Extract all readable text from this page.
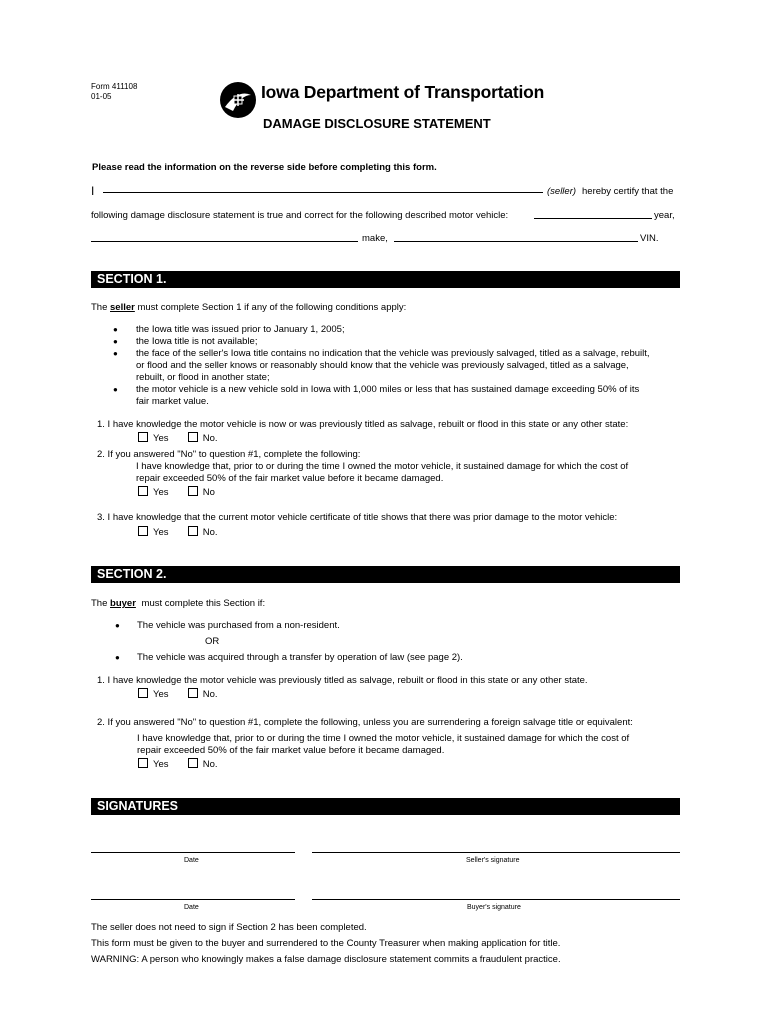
Form 411108
01-05	Iowa Department of Transportation
DAMAGE DISCLOSURE STATEMENT
Please read the information on the reverse side before completing this form.
I	(seller) hereby certify that the
following damage disclosure statement is true and correct for the following described motor vehicle:	year,
make,	VIN.
SECTION 1.
The seller must complete Section 1 if any of the following conditions apply:
● the Iowa title was issued prior to January 1, 2005;
● the Iowa title is not available;
● the face of the seller's Iowa title contains no indication that the vehicle was previously salvaged, titled as a salvage, rebuilt,
or flood and the seller knows or reasonably should know that the vehicle was previously salvaged, titled as a salvage,
rebuilt, or flood in another state;
● the motor vehicle is a new vehicle sold in Iowa with 1,000 miles or less that has sustained damage exceeding 50% of its
fair market value.
1. I have knowledge the motor vehicle is now or was previously titled as salvage, rebuilt or flood in this state or any other state:
Yes	No.
2. If you answered "No" to question #1, complete the following:
I have knowledge that, prior to or during the time I owned the motor vehicle, it sustained damage for which the cost of
repair exceeded 50% of the fair market value before it became damaged.
Yes	No
3. I have knowledge that the current motor vehicle certificate of title shows that there was prior damage to the motor vehicle:
Yes	No.
SECTION 2.
The buyer must complete this Section if:
● The vehicle was purchased from a non-resident.
OR
● The vehicle was acquired through a transfer by operation of law (see page 2).
1. I have knowledge the motor vehicle was previously titled as salvage, rebuilt or flood in this state or any other state.
Yes	No.
2. If you answered "No" to question #1, complete the following, unless you are surrendering a foreign salvage title or equivalent:
I have knowledge that, prior to or during the time I owned the motor vehicle, it sustained damage for which the cost of
repair exceeded 50% of the fair market value before it became damaged.
Yes	No.
SIGNATURES
Date	Seller's signature
Date	Buyer's signature
The seller does not need to sign if Section 2 has been completed.
This form must be given to the buyer and surrendered to the County Treasurer when making application for title.
WARNING: A person who knowingly makes a false damage disclosure statement commits a fraudulent practice.
